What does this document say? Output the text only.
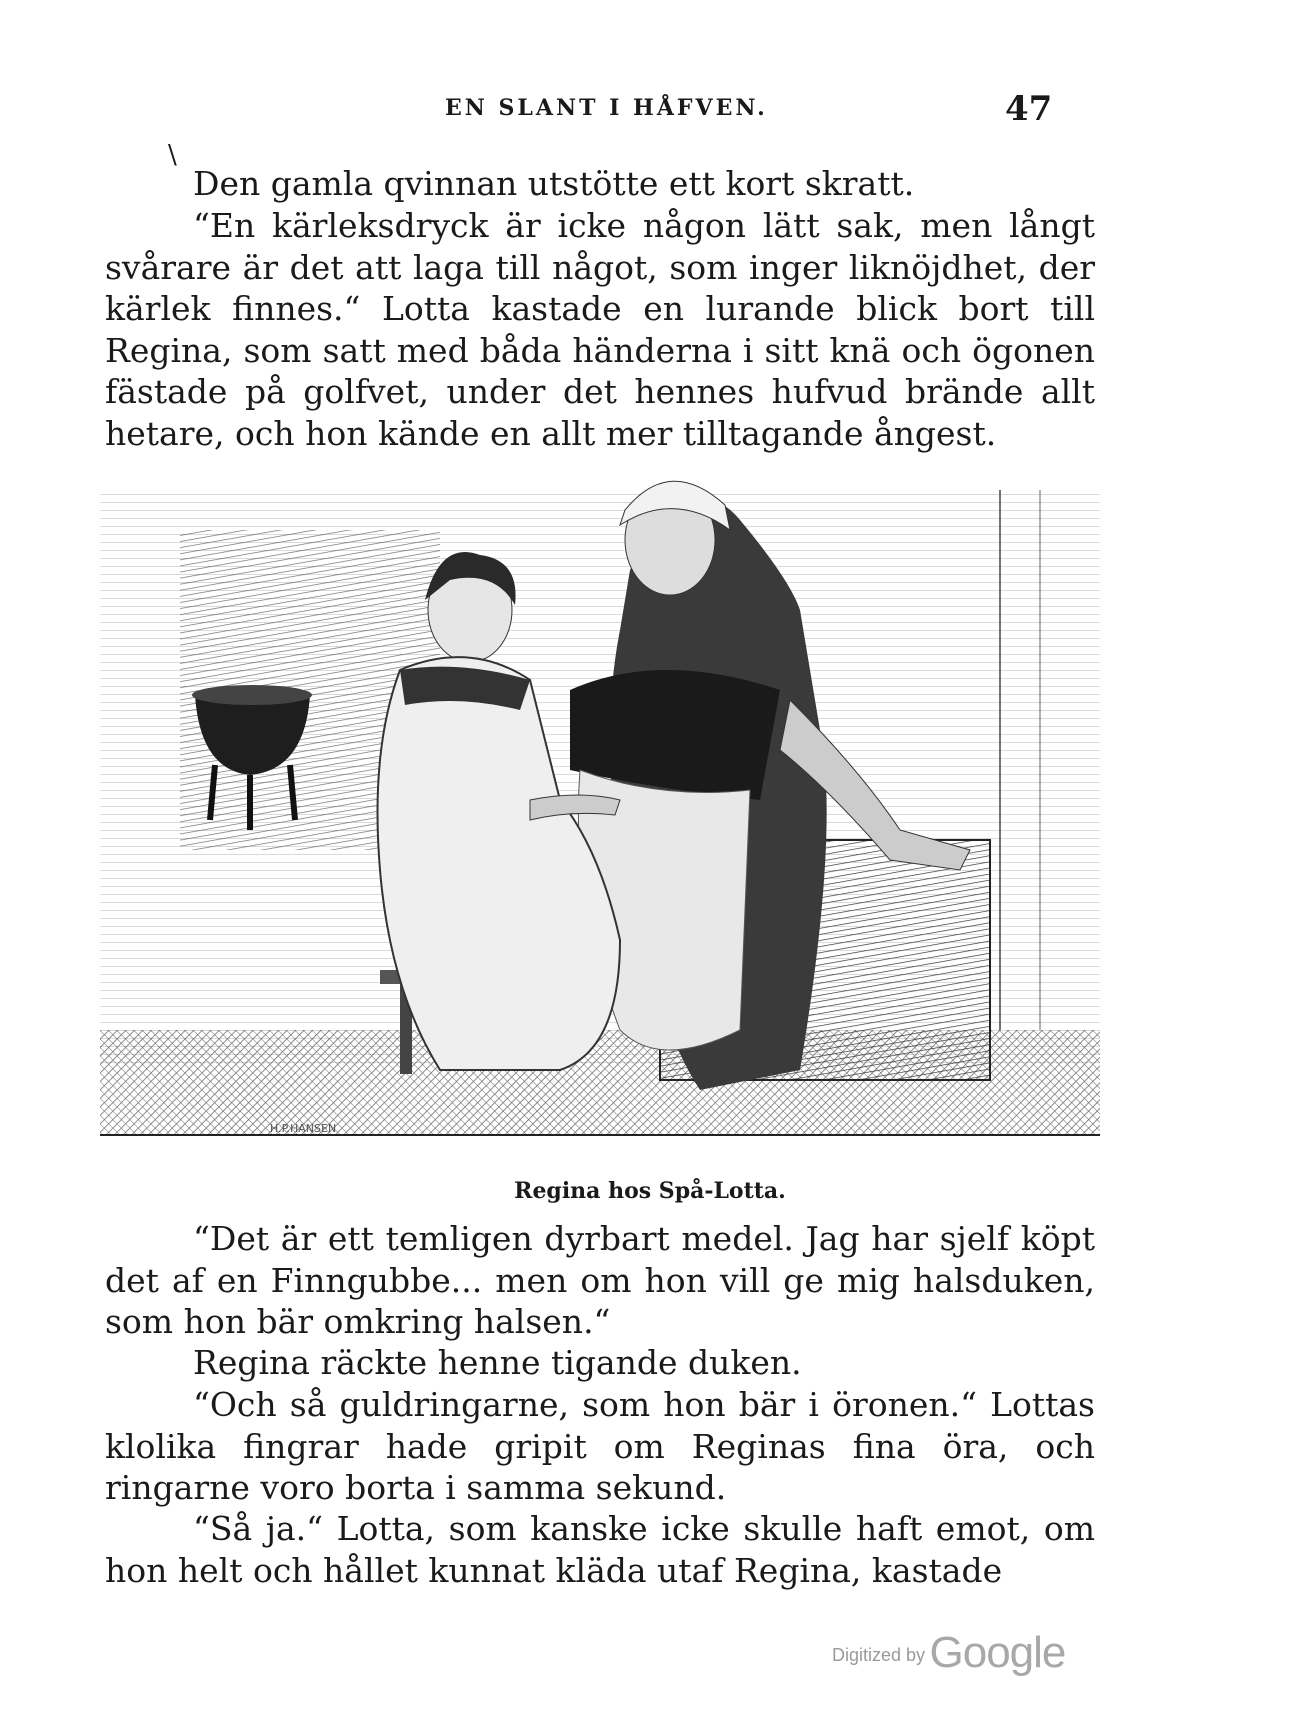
EN SLANT I HÅFVEN.	47
\

Den gamla qvinnan utstötte ett kort skratt.

“En kärleksdryck är icke någon lätt sak, men långt svårare är det att laga till något, som inger liknöjdhet, der kärlek finnes.“ Lotta kastade en lurande blick bort till Regina, som satt med båda händerna i sitt knä och ögonen fästade på golfvet, under det hennes hufvud brände allt hetare, och hon kände en allt mer tilltagande ångest.

H.P.HANSEN
Regina hos Spå-Lotta.

“Det är ett temligen dyrbart medel. Jag har sjelf köpt det af en Finngubbe... men om hon vill ge mig halsduken, som hon bär omkring halsen.“

Regina räckte henne tigande duken.

“Och så guldringarne, som hon bär i öronen.“ Lottas klolika fingrar hade gripit om Reginas fina öra, och ringarne voro borta i samma sekund.

“Så ja.“ Lotta, som kanske icke skulle haft emot, om hon helt och hållet kunnat kläda utaf Regina, kastade

Digitized by Google
